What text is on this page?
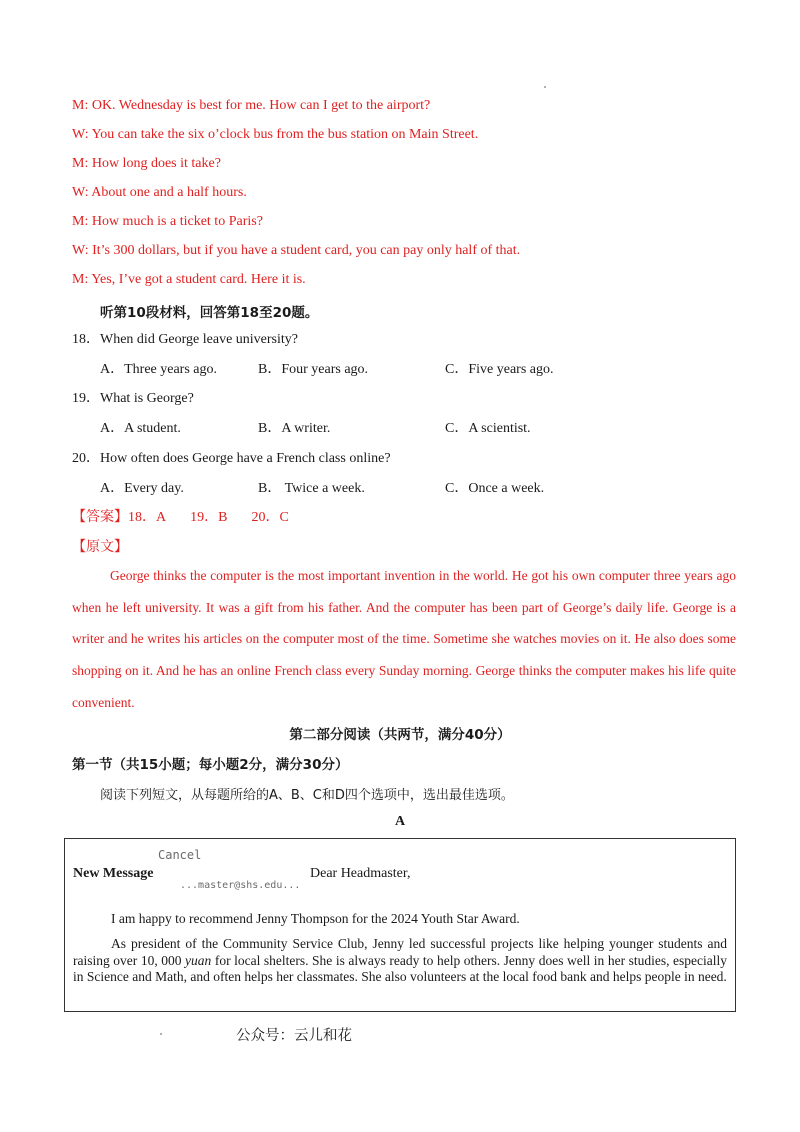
M: OK. Wednesday is best for me. How can I get to the airport?
W: You can take the six o’clock bus from the bus station on Main Street.
M: How long does it take?
W: About one and a half hours.
M: How much is a ticket to Paris?
W: It’s 300 dollars, but if you have a student card, you can pay only half of that.
M: Yes, I’ve got a student card. Here it is.
听第10段材料，回答第18至20题。
18．When did George leave university?
A．Three years ago.	B．Four years ago.	C．Five years ago.
19．What is George?
A．A student.	B．A writer.	C．A scientist.
20．How often does George have a French class online?
A．Every day.	B． Twice a week.	C．Once a week.
【答案】18．A 19．B 20．C
【原文】
George thinks the computer is the most important invention in the world. He got his own computer three years ago when he left university. It was a gift from his father. And the computer has been part of George’s daily life. George is a writer and he writes his articles on the computer most of the time. Sometime she watches movies on it. He also does some shopping on it. And he has an online French class every Sunday morning. George thinks the computer makes his life quite convenient.
第二部分阅读（共两节，满分40分）
第一节（共15小题；每小题2分，满分30分）
阅读下列短文，从每题所给的A、B、C和D四个选项中，选出最佳选项。
A
Cancel
New Message
...master@shs.edu...
Dear Headmaster,
I am happy to recommend Jenny Thompson for the 2024 Youth Star Award.
As president of the Community Service Club, Jenny led successful projects like helping younger students and raising over 10, 000 yuan for local shelters. She is always ready to help others. Jenny does well in her studies, especially in Science and Math, and often helps her classmates. She also volunteers at the local food bank and helps people in need.
公众号：云儿和花
